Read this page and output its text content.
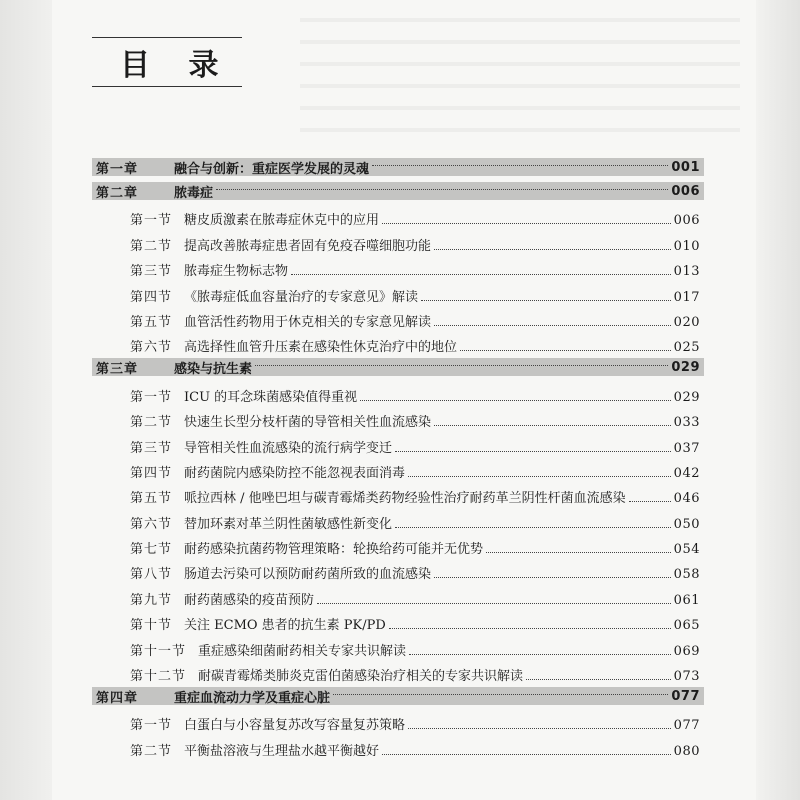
目 录
第一章	融合与创新：重症医学发展的灵魂	001
第二章	脓毒症	006
第一节 糖皮质激素在脓毒症休克中的应用	006
第二节 提高改善脓毒症患者固有免疫吞噬细胞功能	010
第三节 脓毒症生物标志物	013
第四节 《脓毒症低血容量治疗的专家意见》解读	017
第五节 血管活性药物用于休克相关的专家意见解读	020
第六节 高选择性血管升压素在感染性休克治疗中的地位	025
第三章	感染与抗生素	029
第一节 ICU 的耳念珠菌感染值得重视	029
第二节 快速生长型分枝杆菌的导管相关性血流感染	033
第三节 导管相关性血流感染的流行病学变迁	037
第四节 耐药菌院内感染防控不能忽视表面消毒	042
第五节 哌拉西林 / 他唑巴坦与碳青霉烯类药物经验性治疗耐药革兰阴性杆菌血流感染	046
第六节 替加环素对革兰阴性菌敏感性新变化	050
第七节 耐药感染抗菌药物管理策略：轮换给药可能并无优势	054
第八节 肠道去污染可以预防耐药菌所致的血流感染	058
第九节 耐药菌感染的疫苗预防	061
第十节 关注 ECMO 患者的抗生素 PK/PD	065
第十一节 重症感染细菌耐药相关专家共识解读	069
第十二节 耐碳青霉烯类肺炎克雷伯菌感染治疗相关的专家共识解读	073
第四章	重症血流动力学及重症心脏	077
第一节 白蛋白与小容量复苏改写容量复苏策略	077
第二节 平衡盐溶液与生理盐水越平衡越好	080
